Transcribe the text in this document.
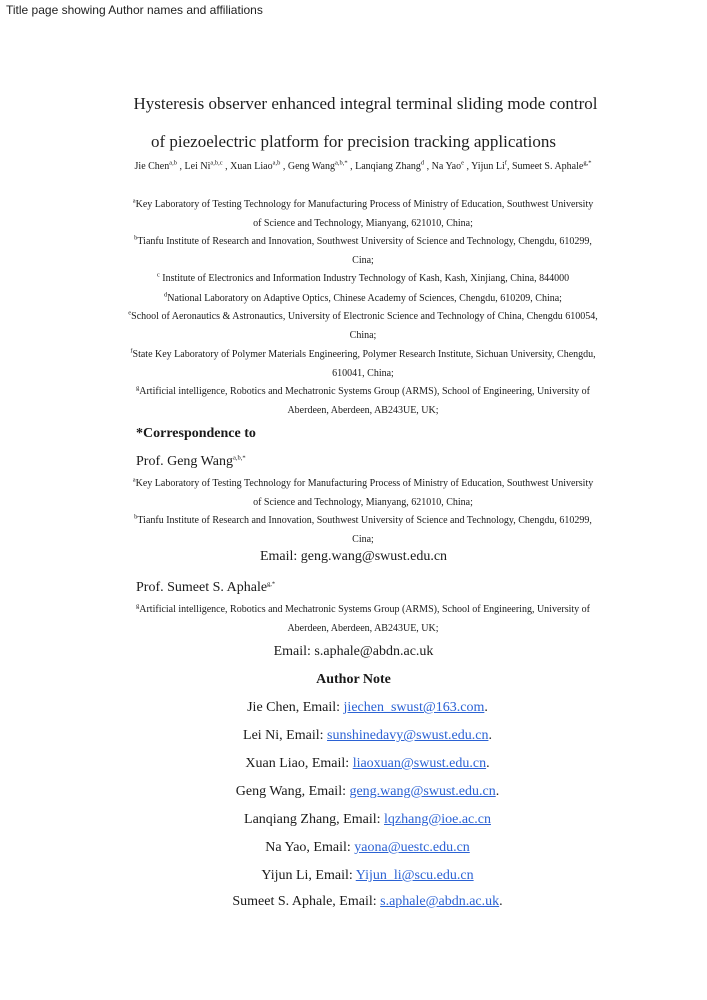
Title page showing Author names and affiliations
Hysteresis observer enhanced integral terminal sliding mode control
of piezoelectric platform for precision tracking applications
Jie Chen$^{a,b}$ , Lei Ni$^{a,b,c}$ , Xuan Liao$^{a,b}$ , Geng Wang$^{a,b,*}$ , Lanqiang Zhang$^d$ , Na Yao$^e$ , Yijun Li$^f$, Sumeet S. Aphale$^{g,*}$
$^a$Key Laboratory of Testing Technology for Manufacturing Process of Ministry of Education, Southwest University of Science and Technology, Mianyang, 621010, China;
$^b$Tianfu Institute of Research and Innovation, Southwest University of Science and Technology, Chengdu, 610299, Cina;
$^c$ Institute of Electronics and Information Industry Technology of Kash, Kash, Xinjiang, China, 844000
$^d$National Laboratory on Adaptive Optics, Chinese Academy of Sciences, Chengdu, 610209, China;
$^e$School of Aeronautics & Astronautics, University of Electronic Science and Technology of China, Chengdu 610054, China;
$^f$State Key Laboratory of Polymer Materials Engineering, Polymer Research Institute, Sichuan University, Chengdu, 610041, China;
$^g$Artificial intelligence, Robotics and Mechatronic Systems Group (ARMS), School of Engineering, University of Aberdeen, Aberdeen, AB243UE, UK;
*Correspondence to
Prof. Geng Wang$^{a,b,*}$
$^a$Key Laboratory of Testing Technology for Manufacturing Process of Ministry of Education, Southwest University of Science and Technology, Mianyang, 621010, China;
$^b$Tianfu Institute of Research and Innovation, Southwest University of Science and Technology, Chengdu, 610299, Cina;
Email: geng.wang@swust.edu.cn
Prof. Sumeet S. Aphale$^{g,*}$
$^g$Artificial intelligence, Robotics and Mechatronic Systems Group (ARMS), School of Engineering, University of Aberdeen, Aberdeen, AB243UE, UK;
Email: s.aphale@abdn.ac.uk
Author Note
Jie Chen, Email: jiechen_swust@163.com.
Lei Ni, Email: sunshinedavy@swust.edu.cn.
Xuan Liao, Email: liaoxuan@swust.edu.cn.
Geng Wang, Email: geng.wang@swust.edu.cn.
Lanqiang Zhang, Email: lqzhang@ioe.ac.cn
Na Yao, Email: yaona@uestc.edu.cn
Yijun Li, Email: Yijun_li@scu.edu.cn
Sumeet S. Aphale, Email: s.aphale@abdn.ac.uk.
